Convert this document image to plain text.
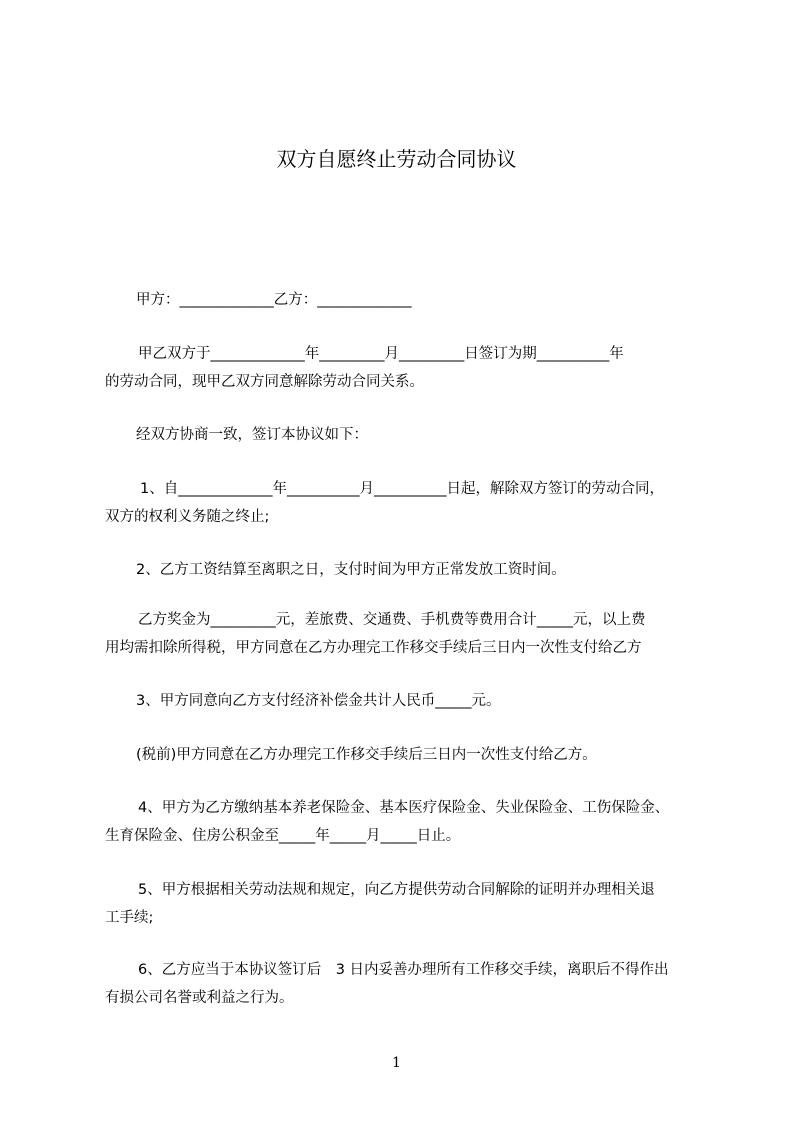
双方自愿终止劳动合同协议
甲方：_____________乙方：_____________
甲乙双方于_____________年_________月_________日签订为期__________年
的劳动合同，现甲乙双方同意解除劳动合同关系。
经双方协商一致，签订本协议如下：
1、自_____________年__________月__________日起，解除双方签订的劳动合同，
双方的权利义务随之终止;
2、乙方工资结算至离职之日，支付时间为甲方正常发放工资时间。
乙方奖金为_________元，差旅费、交通费、手机费等费用合计_____元，以上费
用均需扣除所得税，甲方同意在乙方办理完工作移交手续后三日内一次性支付给乙方
3、甲方同意向乙方支付经济补偿金共计人民币_____元。
(税前)甲方同意在乙方办理完工作移交手续后三日内一次性支付给乙方。
4、甲方为乙方缴纳基本养老保险金、基本医疗保险金、失业保险金、工伤保险金、
生育保险金、住房公积金至_____年_____月_____日止。
5、甲方根据相关劳动法规和规定，向乙方提供劳动合同解除的证明并办理相关退
工手续;
6、乙方应当于本协议签订后　3 日内妥善办理所有工作移交手续，离职后不得作出
有损公司名誉或利益之行为。
1
